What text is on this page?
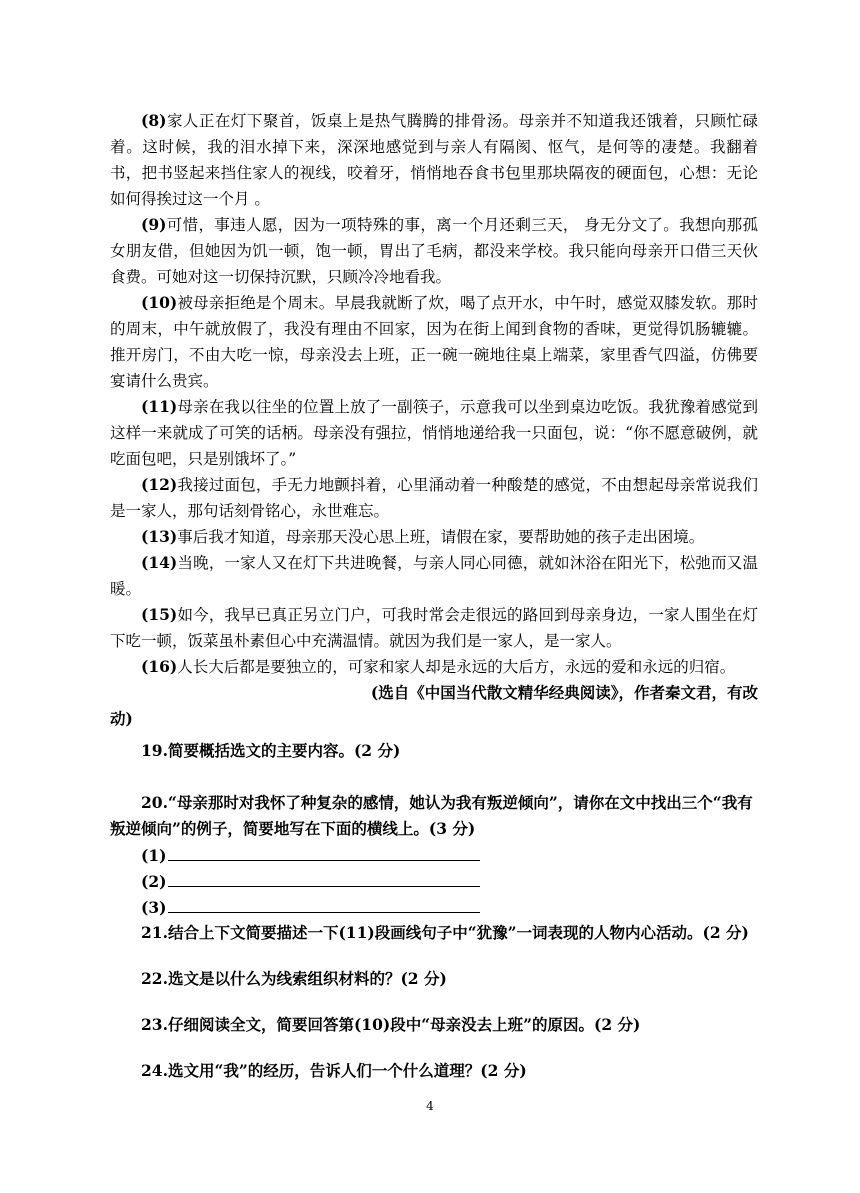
(8)家人正在灯下聚首，饭桌上是热气腾腾的排骨汤。母亲并不知道我还饿着，只顾忙碌着。这时候，我的泪水掉下来，深深地感觉到与亲人有隔阂、怄气，是何等的凄楚。我翻着书，把书竖起来挡住家人的视线，咬着牙，悄悄地吞食书包里那块隔夜的硬面包，心想：无论如何得挨过这一个月 。

(9)可惜，事违人愿，因为一项特殊的事，离一个月还剩三天， 身无分文了。我想向那孤女朋友借，但她因为饥一顿，饱一顿，胃出了毛病，都没来学校。我只能向母亲开口借三天伙食费。可她对这一切保持沉默，只顾冷冷地看我。

(10)被母亲拒绝是个周末。早晨我就断了炊，喝了点开水，中午时，感觉双膝发软。那时的周末，中午就放假了，我没有理由不回家，因为在街上闻到食物的香味，更觉得饥肠辘辘。推开房门，不由大吃一惊，母亲没去上班，正一碗一碗地往桌上端菜，家里香气四溢，仿佛要宴请什么贵宾。

(11)母亲在我以往坐的位置上放了一副筷子，示意我可以坐到桌边吃饭。我犹豫着感觉到这样一来就成了可笑的话柄。母亲没有强拉，悄悄地递给我一只面包，说：“你不愿意破例，就吃面包吧，只是别饿坏了。”

(12)我接过面包，手无力地颤抖着，心里涌动着一种酸楚的感觉，不由想起母亲常说我们是一家人，那句话刻骨铭心，永世难忘。

(13)事后我才知道，母亲那天没心思上班，请假在家，要帮助她的孩子走出困境。

(14)当晚，一家人又在灯下共进晚餐，与亲人同心同德，就如沐浴在阳光下，松弛而又温暖。

(15)如今，我早已真正另立门户，可我时常会走很远的路回到母亲身边，一家人围坐在灯下吃一顿，饭菜虽朴素但心中充满温情。就因为我们是一家人，是一家人。

(16)人长大后都是要独立的，可家和家人却是永远的大后方，永远的爱和永远的归宿。

(选自《中国当代散文精华经典阅读》，作者秦文君，有改

动)

19.简要概括选文的主要内容。(2 分)

20.“母亲那时对我怀了种复杂的感情，她认为我有叛逆倾向”，请你在文中找出三个“我有叛逆倾向”的例子，简要地写在下面的横线上。(3 分)

(1)

(2)

(3)

21.结合上下文简要描述一下(11)段画线句子中“犹豫”一词表现的人物内心活动。(2 分)

22.选文是以什么为线索组织材料的？(2 分)

23.仔细阅读全文，简要回答第(10)段中“母亲没去上班”的原因。(2 分)

24.选文用“我”的经历，告诉人们一个什么道理？(2 分)

4
